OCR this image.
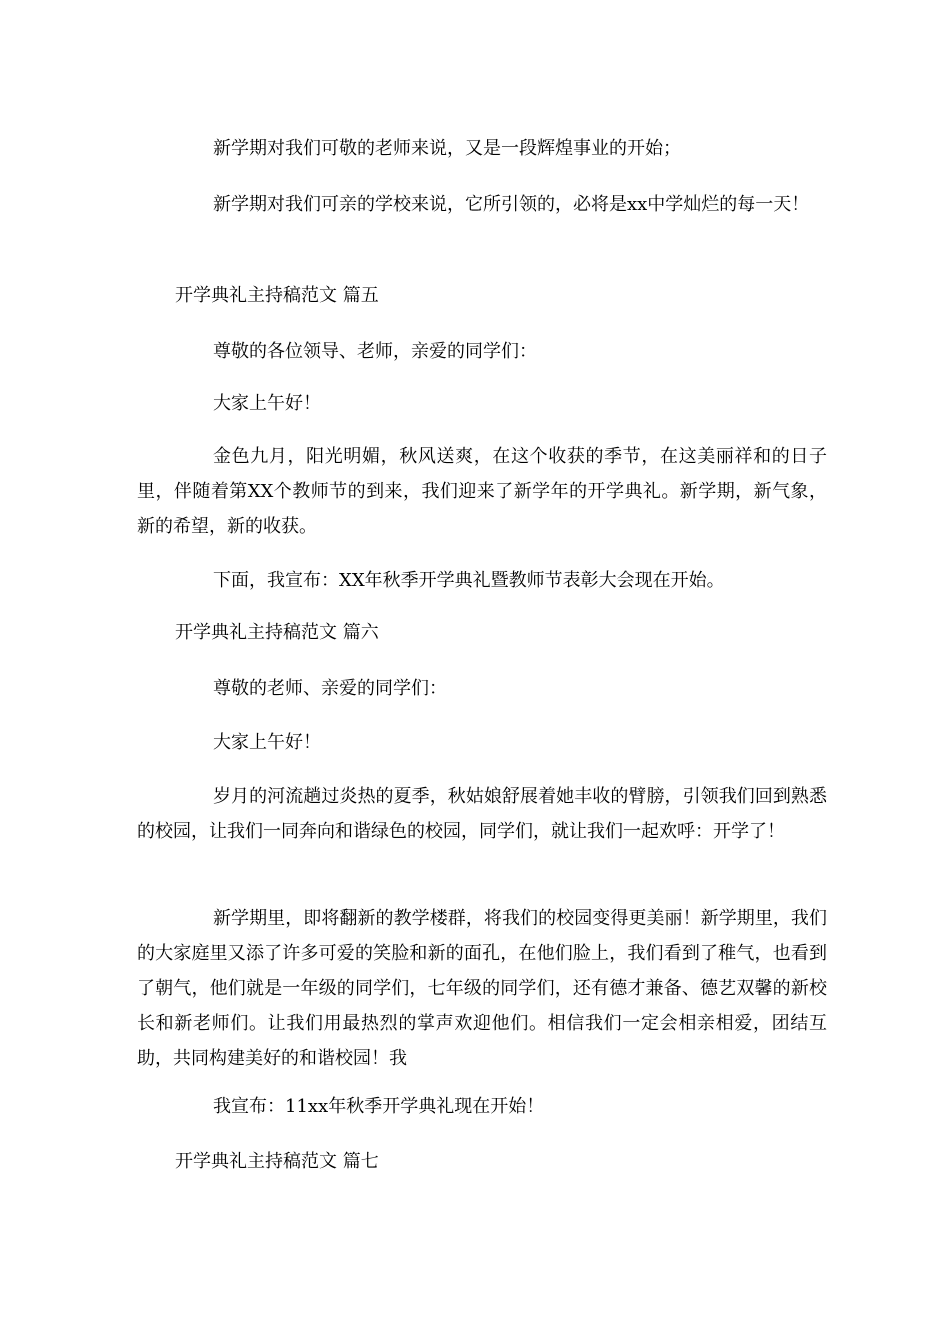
新学期对我们可敬的老师来说，又是一段辉煌事业的开始；

新学期对我们可亲的学校来说，它所引领的，必将是xx中学灿烂的每一天！

开学典礼主持稿范文 篇五

尊敬的各位领导、老师，亲爱的同学们：

大家上午好！

金色九月，阳光明媚，秋风送爽，在这个收获的季节，在这美丽祥和的日子里，伴随着第XX个教师节的到来，我们迎来了新学年的开学典礼。新学期，新气象，新的希望，新的收获。

下面，我宣布：XX年秋季开学典礼暨教师节表彰大会现在开始。

开学典礼主持稿范文 篇六

尊敬的老师、亲爱的同学们：

大家上午好！

岁月的河流趟过炎热的夏季，秋姑娘舒展着她丰收的臂膀，引领我们回到熟悉的校园，让我们一同奔向和谐绿色的校园，同学们，就让我们一起欢呼：开学了！

新学期里，即将翻新的教学楼群，将我们的校园变得更美丽！新学期里，我们的大家庭里又添了许多可爱的笑脸和新的面孔，在他们脸上，我们看到了稚气，也看到了朝气，他们就是一年级的同学们，七年级的同学们，还有德才兼备、德艺双馨的新校长和新老师们。让我们用最热烈的掌声欢迎他们。相信我们一定会相亲相爱，团结互助，共同构建美好的和谐校园！我

我宣布：11xx年秋季开学典礼现在开始！

开学典礼主持稿范文 篇七
